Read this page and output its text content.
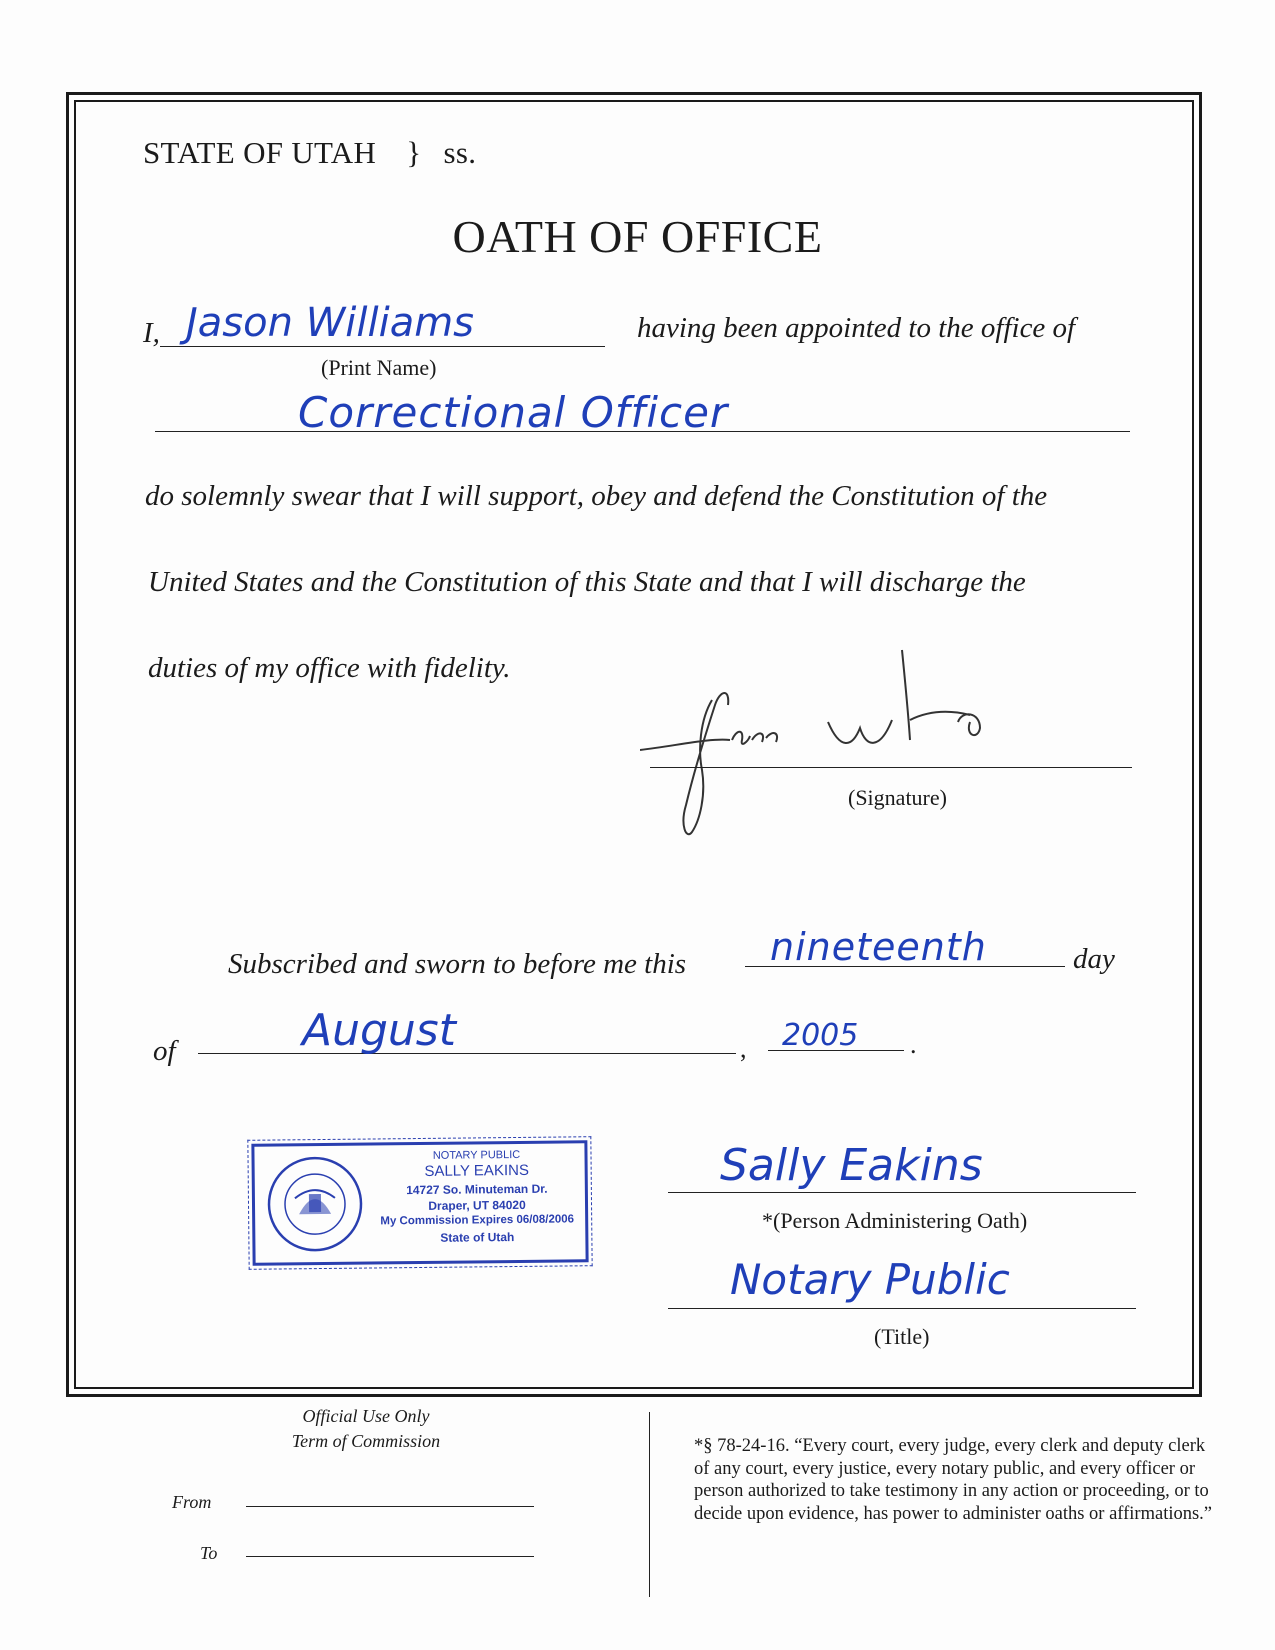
STATE OF UTAH } ss.
OATH OF OFFICE
I, Jason Williams
(Print Name)
having been appointed to the office of
Correctional Officer
do solemnly swear that I will support, obey and defend the Constitution of the
United States and the Constitution of this State and that I will discharge the
duties of my office with fidelity.
(Signature)
Subscribed and sworn to before me this nineteenth	day
of	August	, 2005 .
NOTARY PUBLIC
SALLY EAKINS
14727 So. Minuteman Dr.
Draper, UT 84020
My Commission Expires 06/08/2006
State of Utah
Sally Eakins
*(Person Administering Oath)
Notary Public
(Title)
Official Use Only
Term of Commission
From
To
*§ 78-24-16. “Every court, every judge, every clerk and deputy clerk of any court, every justice, every notary public, and every officer or person authorized to take testimony in any action or proceeding, or to decide upon evidence, has power to administer oaths or affirmations.”
